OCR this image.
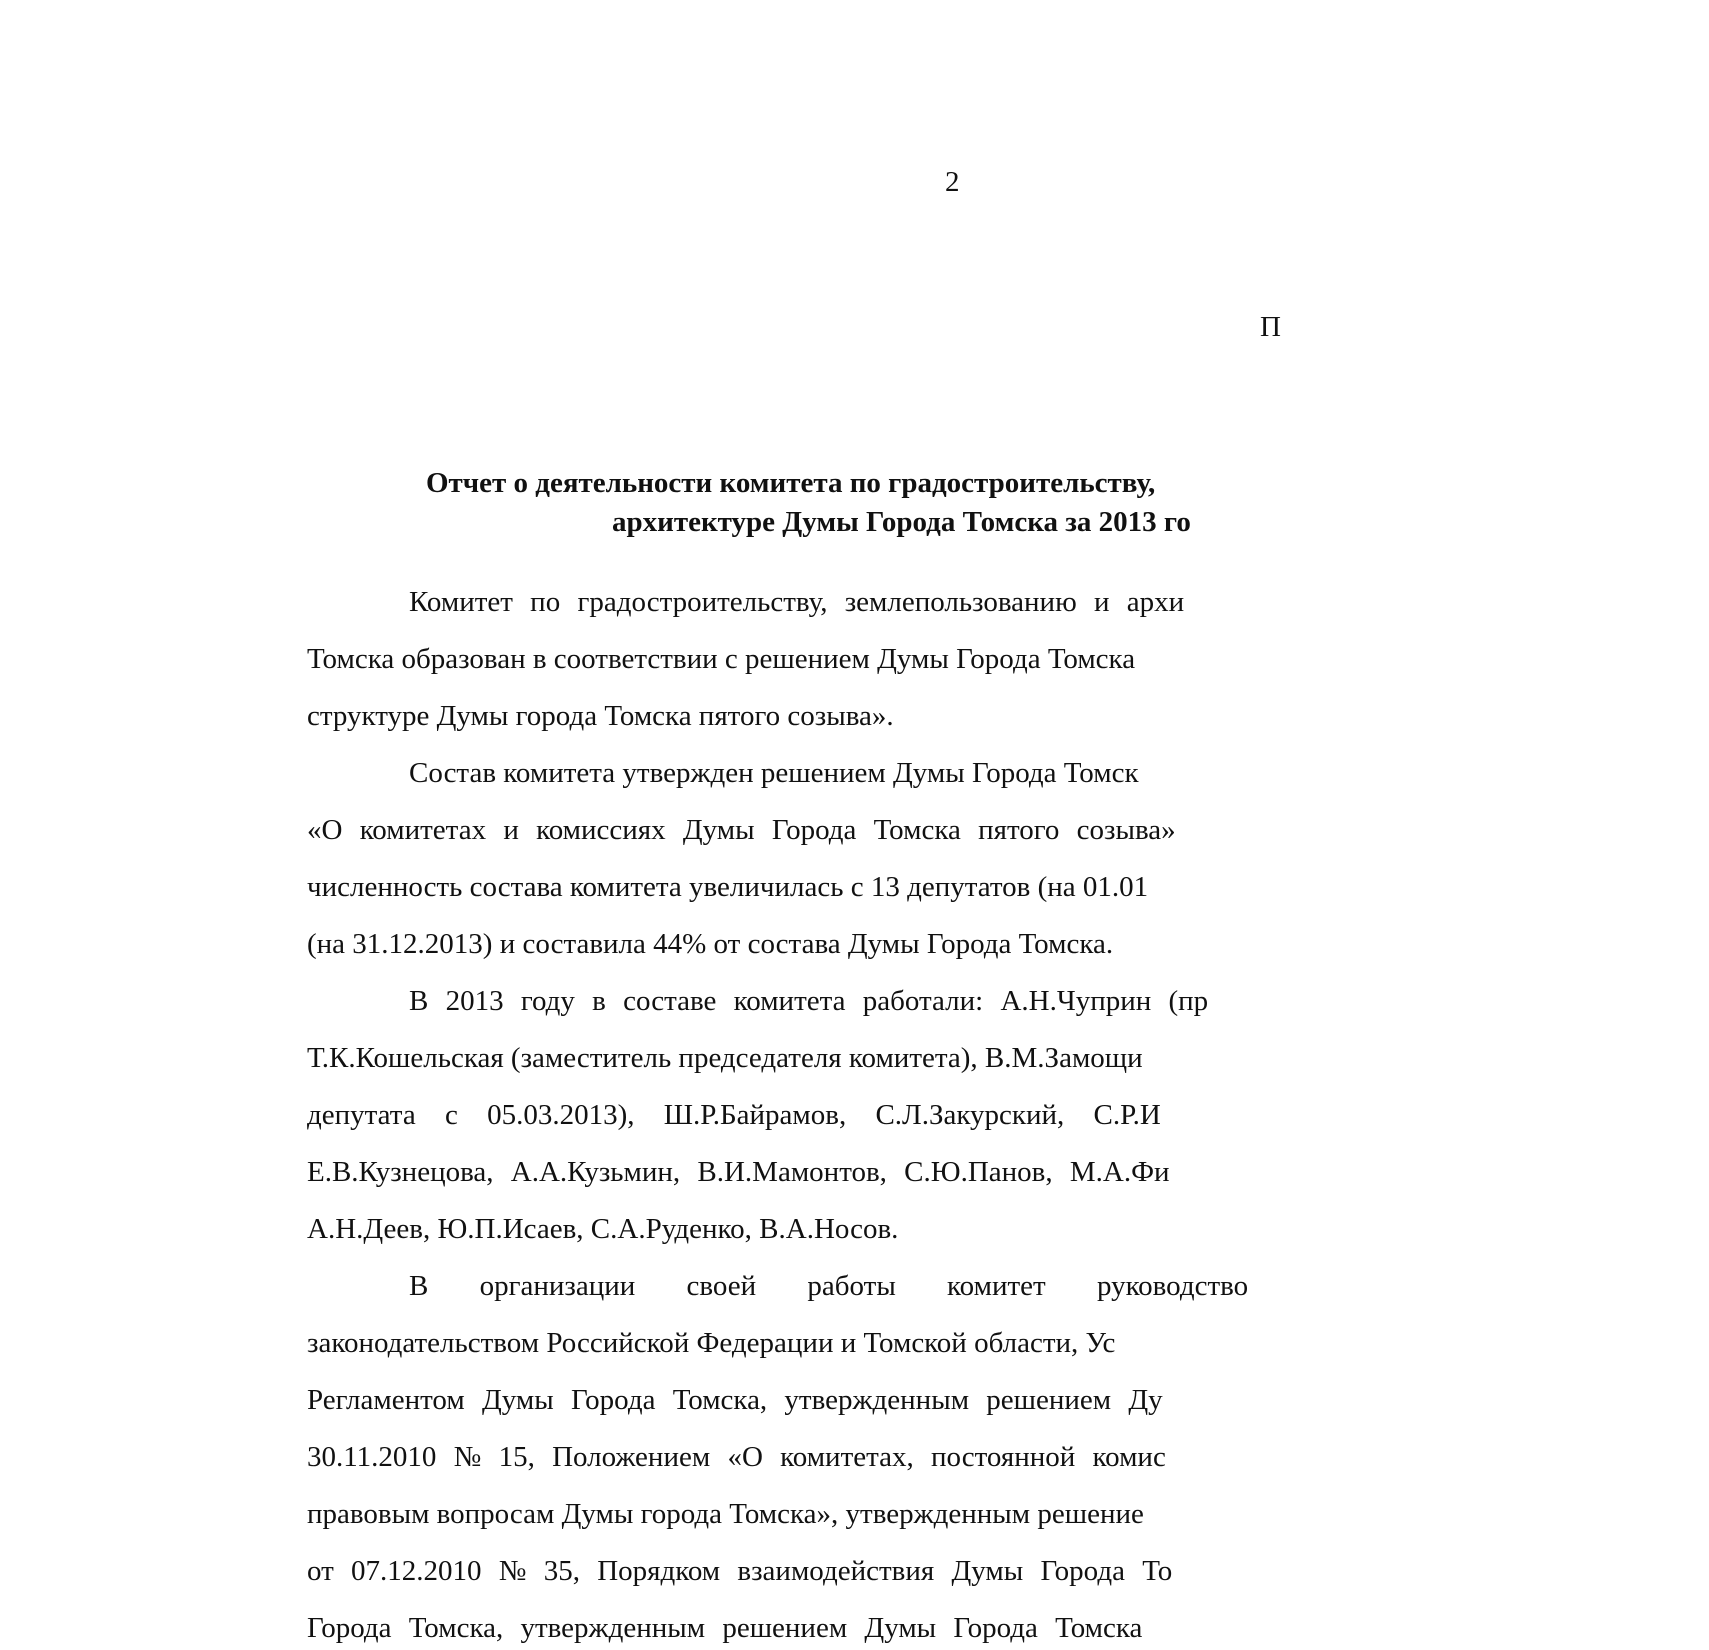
2
П
Отчет о деятельности комитета по градостроительству,
архитектуре Думы Города Томска за 2013 го
Комитет по градостроительству, землепользованию и архи
Томска образован в соответствии с решением Думы Города Томска
структуре Думы города Томска пятого созыва».
Состав комитета утвержден решением Думы Города Томск
«О комитетах и комиссиях Думы Города Томска пятого созыва»
численность состава комитета увеличилась с 13 депутатов (на 01.01
(на 31.12.2013) и составила 44% от состава Думы Города Томска.
В 2013 году в составе комитета работали: А.Н.Чуприн (пр
Т.К.Кошельская (заместитель председателя комитета), В.М.Замощи
депутата с 05.03.2013), Ш.Р.Байрамов, С.Л.Закурский, С.Р.И
Е.В.Кузнецова, А.А.Кузьмин, В.И.Мамонтов, С.Ю.Панов, М.А.Фи
А.Н.Деев, Ю.П.Исаев, С.А.Руденко, В.А.Носов.
В организации своей работы комитет руководство
законодательством Российской Федерации и Томской области, Ус
Регламентом Думы Города Томска, утвержденным решением Ду
30.11.2010 № 15, Положением «О комитетах, постоянной комис
правовым вопросам Думы города Томска», утвержденным решение
от 07.12.2010 № 35, Порядком взаимодействия Думы Города То
Города Томска, утвержденным решением Думы Города Томска
